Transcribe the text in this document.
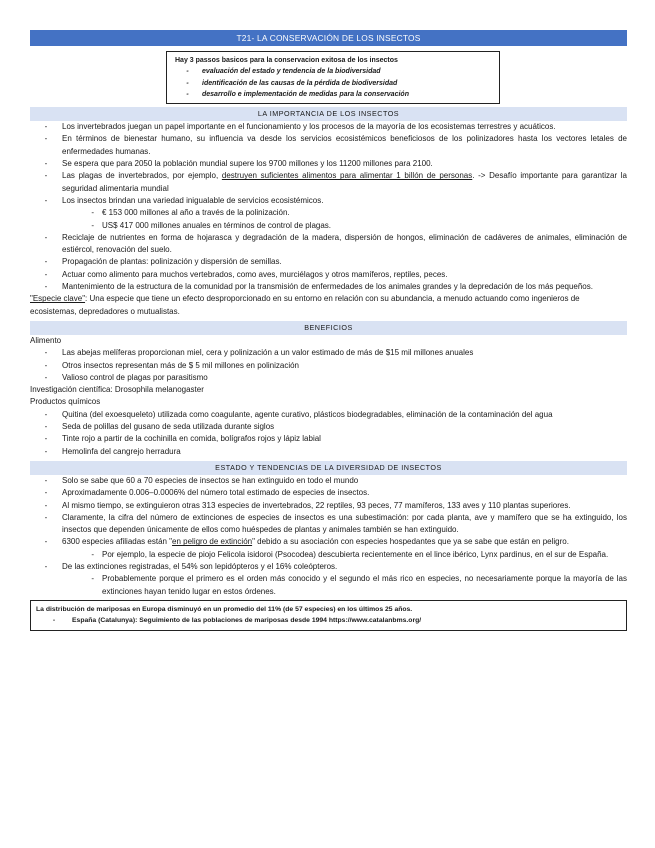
T21- LA CONSERVACIÓN DE LOS INSECTOS
Hay 3 passos basicos para la conservacion exitosa de los insectos
-	evaluación del estado y tendencia de la biodiversidad
-	identificación de las causas de la pérdida de biodiversidad
-	desarrollo e implementación de medidas para la conservación
LA IMPORTANCIA DE LOS INSECTOS
-	Los invertebrados juegan un papel importante en el funcionamiento y los procesos de la mayoría de los ecosistemas terrestres y acuáticos.
-	En términos de bienestar humano, su influencia va desde los servicios ecosistémicos beneficiosos de los polinizadores hasta los vectores letales de enfermedades humanas.
-	Se espera que para 2050 la población mundial supere los 9700 millones y los 11200 millones para 2100.
-	Las plagas de invertebrados, por ejemplo, destruyen suficientes alimentos para alimentar 1 billón de personas. -> Desafío importante para garantizar la seguridad alimentaria mundial
-	Los insectos brindan una variedad inigualable de servicios ecosistémicos.
-	€ 153 000 millones al año a través de la polinización.
-	US$ 417 000 millones anuales en términos de control de plagas.
-	Reciclaje de nutrientes en forma de hojarasca y degradación de la madera, dispersión de hongos, eliminación de cadáveres de animales, eliminación de estiércol, renovación del suelo.
-	Propagación de plantas: polinización y dispersión de semillas.
-	Actuar como alimento para muchos vertebrados, como aves, murciélagos y otros mamíferos, reptiles, peces.
-	Mantenimiento de la estructura de la comunidad por la transmisión de enfermedades de los animales grandes y la depredación de los más pequeños.
"Especie clave": Una especie que tiene un efecto desproporcionado en su entorno en relación con su abundancia, a menudo actuando como ingenieros de ecosistemas, depredadores o mutualistas.
BENEFICIOS
Alimento
-	Las abejas melíferas proporcionan miel, cera y polinización a un valor estimado de más de $15 mil millones anuales
-	Otros insectos representan más de $ 5 mil millones en polinización
-	Valioso control de plagas por parasitismo
Investigación científica: Drosophila melanogaster
Productos químicos
-	Quitina (del exoesqueleto) utilizada como coagulante, agente curativo, plásticos biodegradables, eliminación de la contaminación del agua
-	Seda de polillas del gusano de seda utilizada durante siglos
-	Tinte rojo a partir de la cochinilla en comida, bolígrafos rojos y lápiz labial
-	Hemolinfa del cangrejo herradura
ESTADO Y TENDENCIAS DE LA DIVERSIDAD DE INSECTOS
-	Solo se sabe que 60 a 70 especies de insectos se han extinguido en todo el mundo
-	Aproximadamente 0.006–0.0006% del número total estimado de especies de insectos.
-	Al mismo tiempo, se extinguieron otras 313 especies de invertebrados, 22 reptiles, 93 peces, 77 mamíferos, 133 aves y 110 plantas superiores.
-	Claramente, la cifra del número de extinciones de especies de insectos es una subestimación: por cada planta, ave y mamífero que se ha extinguido, los insectos que dependen únicamente de ellos como huéspedes de plantas y animales también se han extinguido.
-	6300 especies afiliadas están "en peligro de extinción" debido a su asociación con especies hospedantes que ya se sabe que están en peligro.
-	Por ejemplo, la especie de piojo Felicola isidoroi (Psocodea) descubierta recientemente en el lince ibérico, Lynx pardinus, en el sur de España.
-	De las extinciones registradas, el 54% son lepidópteros y el 16% coleópteros.
-	Probablemente porque el primero es el orden más conocido y el segundo el más rico en especies, no necesariamente porque la mayoría de las extinciones hayan tenido lugar en estos órdenes.
La distribución de mariposas en Europa disminuyó en un promedio del 11% (de 57 especies) en los últimos 25 años.
-	España (Catalunya): Seguimiento de las poblaciones de mariposas desde 1994 https://www.catalanbms.org/
